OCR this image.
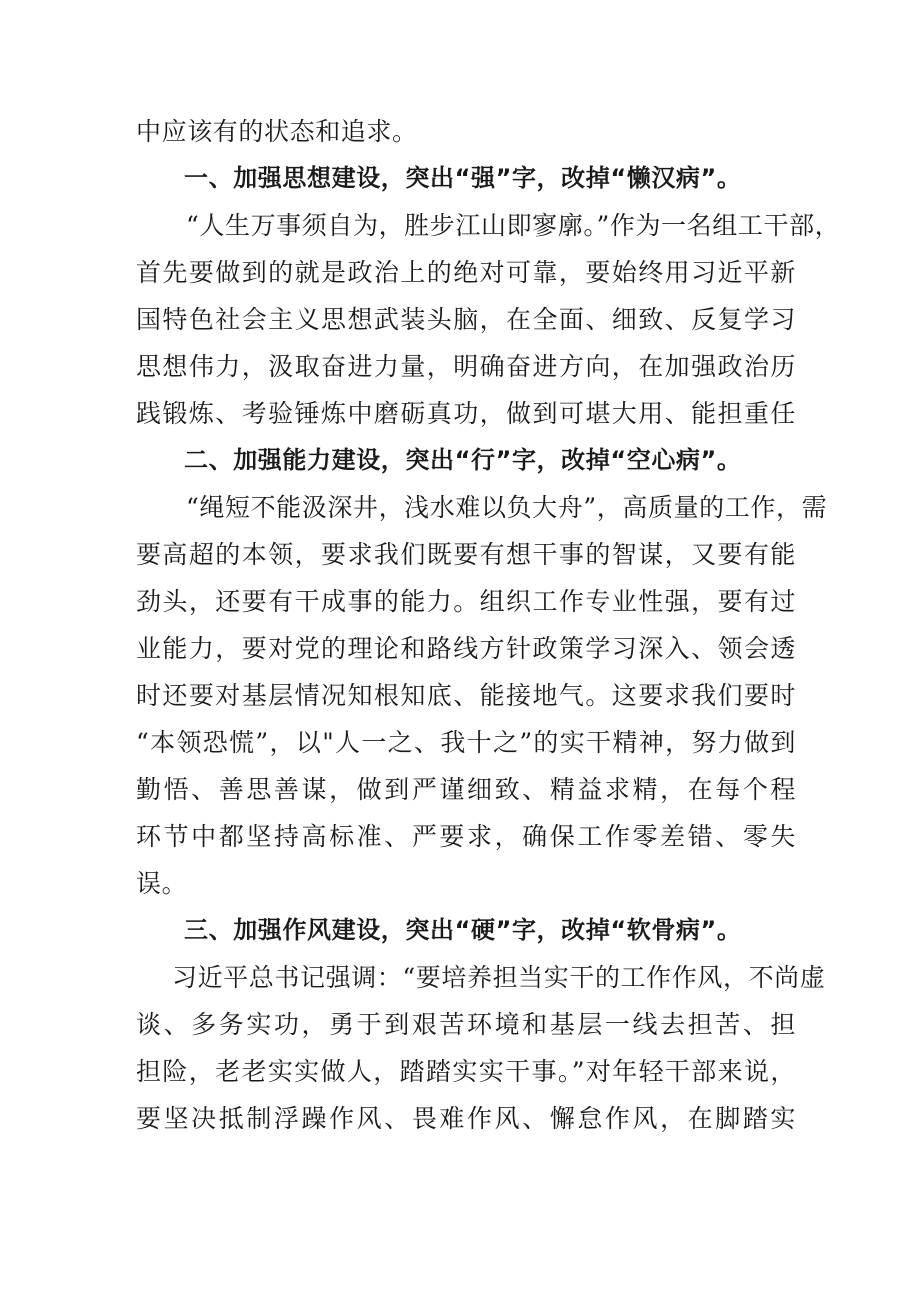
中应该有的状态和追求。
一、加强思想建设，突出“强”字，改掉“懒汉病”。
“人生万事须自为，胜步江山即寥廓。”作为一名组工干部，
首先要做到的就是政治上的绝对可靠，要始终用习近平新
国特色社会主义思想武装头脑，在全面、细致、反复学习
思想伟力，汲取奋进力量，明确奋进方向，在加强政治历
践锻炼、考验锤炼中磨砺真功，做到可堪大用、能担重任
二、加强能力建设，突出“行”字，改掉“空心病”。
“绳短不能汲深井，浅水难以负大舟”，高质量的工作，需
要高超的本领，要求我们既要有想干事的智谋，又要有能
劲头，还要有干成事的能力。组织工作专业性强，要有过
业能力，要对党的理论和路线方针政策学习深入、领会透
时还要对基层情况知根知底、能接地气。这要求我们要时
“本领恐慌”，以"人一之、我十之”的实干精神，努力做到
勤悟、善思善谋，做到严谨细致、精益求精，在每个程
环节中都坚持高标准、严要求，确保工作零差错、零失
误。
三、加强作风建设，突出“硬”字，改掉“软骨病”。
习近平总书记强调：“要培养担当实干的工作作风，不尚虚
谈、多务实功，勇于到艰苦环境和基层一线去担苦、担
担险，老老实实做人，踏踏实实干事。”对年轻干部来说，
要坚决抵制浮躁作风、畏难作风、懈怠作风，在脚踏实
